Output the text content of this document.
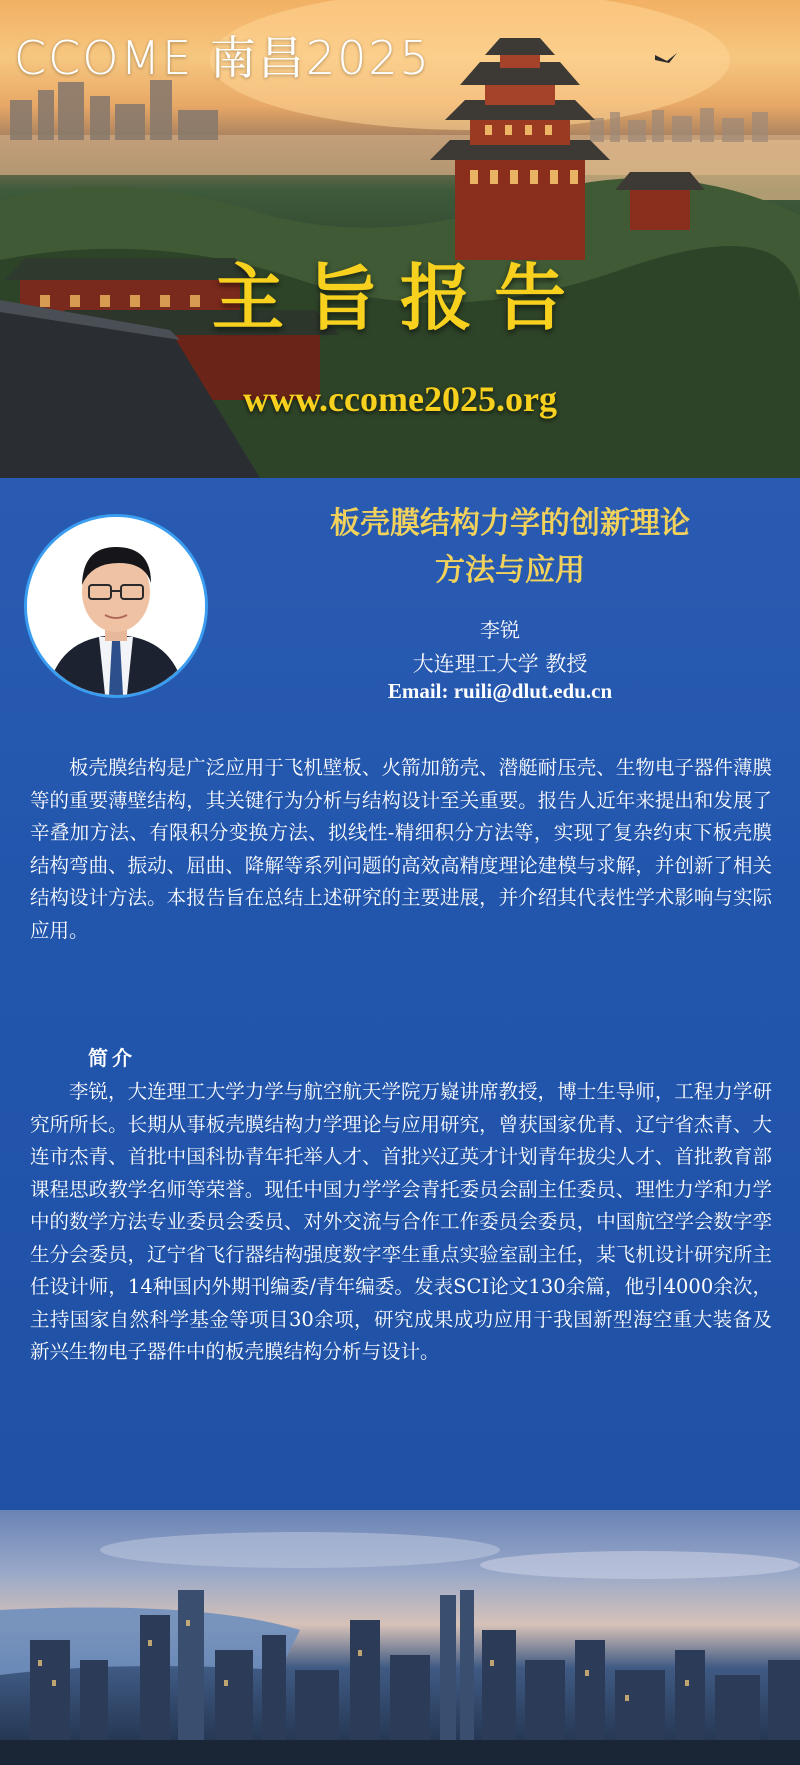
CCOME 南昌2025
主旨报告

www.ccome2025.org

板壳膜结构力学的创新理论
方法与应用

李锐

大连理工大学 教授

Email: ruili@dlut.edu.cn

板壳膜结构是广泛应用于飞机壁板、火箭加筋壳、潜艇耐压壳、生物电子器件薄膜等的重要薄壁结构，其关键行为分析与结构设计至关重要。报告人近年来提出和发展了辛叠加方法、有限积分变换方法、拟线性-精细积分方法等，实现了复杂约束下板壳膜结构弯曲、振动、屈曲、降解等系列问题的高效高精度理论建模与求解，并创新了相关结构设计方法。本报告旨在总结上述研究的主要进展，并介绍其代表性学术影响与实际应用。

简介

李锐，大连理工大学力学与航空航天学院万嶷讲席教授，博士生导师，工程力学研究所所长。长期从事板壳膜结构力学理论与应用研究，曾获国家优青、辽宁省杰青、大连市杰青、首批中国科协青年托举人才、首批兴辽英才计划青年拔尖人才、首批教育部课程思政教学名师等荣誉。现任中国力学学会青托委员会副主任委员、理性力学和力学中的数学方法专业委员会委员、对外交流与合作工作委员会委员，中国航空学会数字孪生分会委员，辽宁省飞行器结构强度数字孪生重点实验室副主任，某飞机设计研究所主任设计师，14种国内外期刊编委/青年编委。发表SCI论文130余篇，他引4000余次，主持国家自然科学基金等项目30余项，研究成果成功应用于我国新型海空重大装备及新兴生物电子器件中的板壳膜结构分析与设计。
